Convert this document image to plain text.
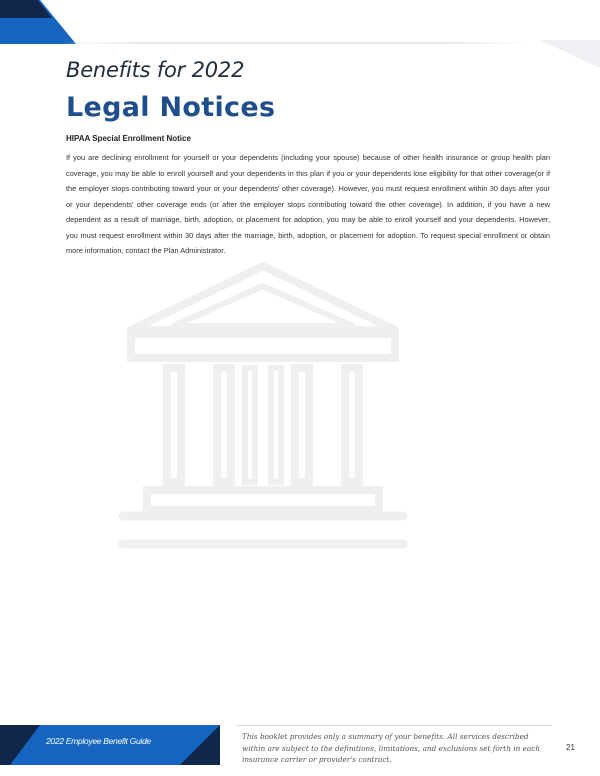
Benefits for 2022
Legal Notices
HIPAA Special Enrollment Notice

If you are declining enrollment for yourself or your dependents (including your spouse) because of other health insurance or group health plan coverage, you may be able to enroll yourself and your dependents in this plan if you or your dependents lose eligibility for that other coverage(or if the employer stops contributing toward your or your dependents' other coverage). However, you must request enrollment within 30 days after your or your dependents' other coverage ends (or after the employer stops contributing toward the other coverage). In addition, if you have a new dependent as a result of marriage, birth, adoption, or placement for adoption, you may be able to enroll yourself and your dependents. However, you must request enrollment within 30 days after the marriage, birth, adoption, or placement for adoption. To request special enrollment or obtain more information, contact the Plan Administrator.

2022 Employee Benefit Guide	This booklet provides only a summary of your benefits. All services described within are subject to the definitions, limitations, and exclusions set forth in each insurance carrier or provider's contract.

21
